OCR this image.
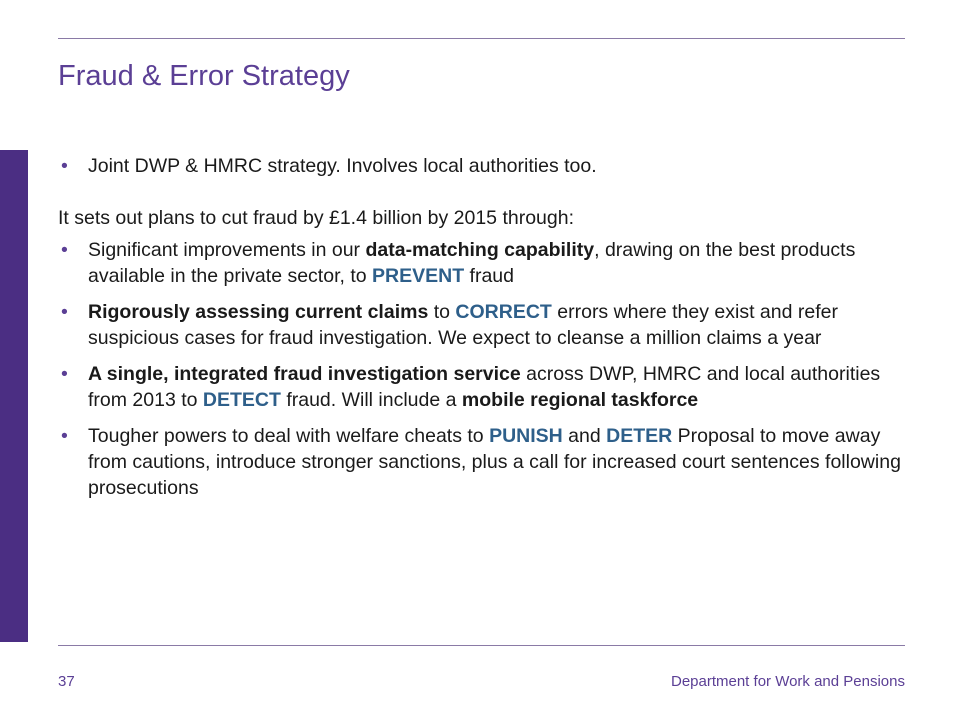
Fraud & Error Strategy

• Joint DWP & HMRC strategy. Involves local authorities too.

It sets out plans to cut fraud by £1.4 billion by 2015 through:

• Significant improvements in our data-matching capability, drawing on the best products available in the private sector, to PREVENT fraud

• Rigorously assessing current claims to CORRECT errors where they exist and refer suspicious cases for fraud investigation. We expect to cleanse a million claims a year

• A single, integrated fraud investigation service across DWP, HMRC and local authorities from 2013 to DETECT fraud. Will include a mobile regional taskforce

• Tougher powers to deal with welfare cheats to PUNISH and DETER Proposal to move away from cautions, introduce stronger sanctions, plus a call for increased court sentences following prosecutions

37	Department for Work and Pensions
